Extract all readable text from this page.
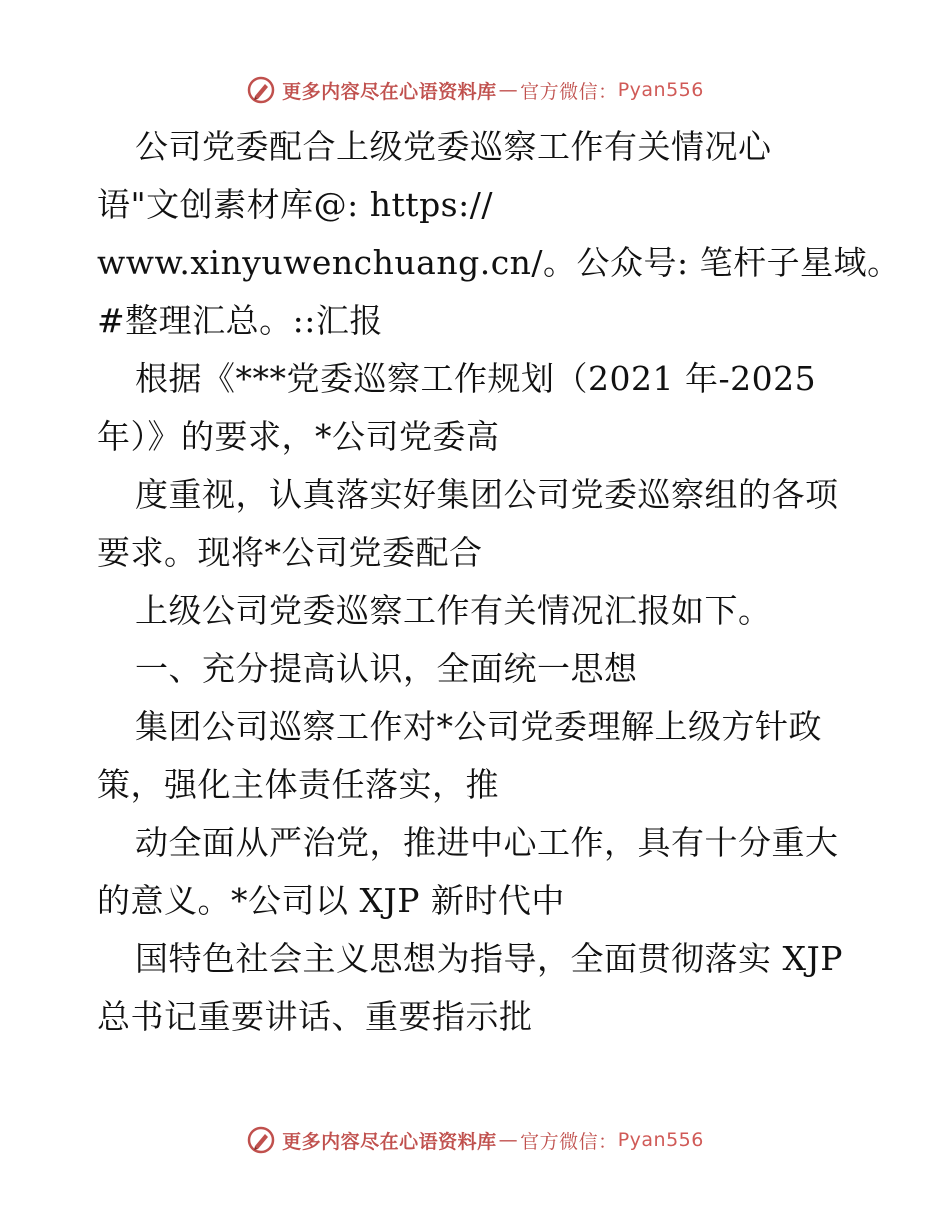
更多内容尽在心语资料库 — 官方微信： Pyan556
公司党委配合上级党委巡察工作有关情况心
语"文创素材库@: https://
www.xinyuwenchuang.cn/。公众号: 笔杆子星域。
#整理汇总。::汇报
根据《***党委巡察工作规划（2021 年-2025
年）》的要求，*公司党委高
度重视，认真落实好集团公司党委巡察组的各项
要求。现将*公司党委配合
上级公司党委巡察工作有关情况汇报如下。
一、充分提高认识，全面统一思想
集团公司巡察工作对*公司党委理解上级方针政
策，强化主体责任落实，推
动全面从严治党，推进中心工作，具有十分重大
的意义。*公司以 XJP 新时代中
国特色社会主义思想为指导，全面贯彻落实 XJP
总书记重要讲话、重要指示批
更多内容尽在心语资料库 — 官方微信： Pyan556
